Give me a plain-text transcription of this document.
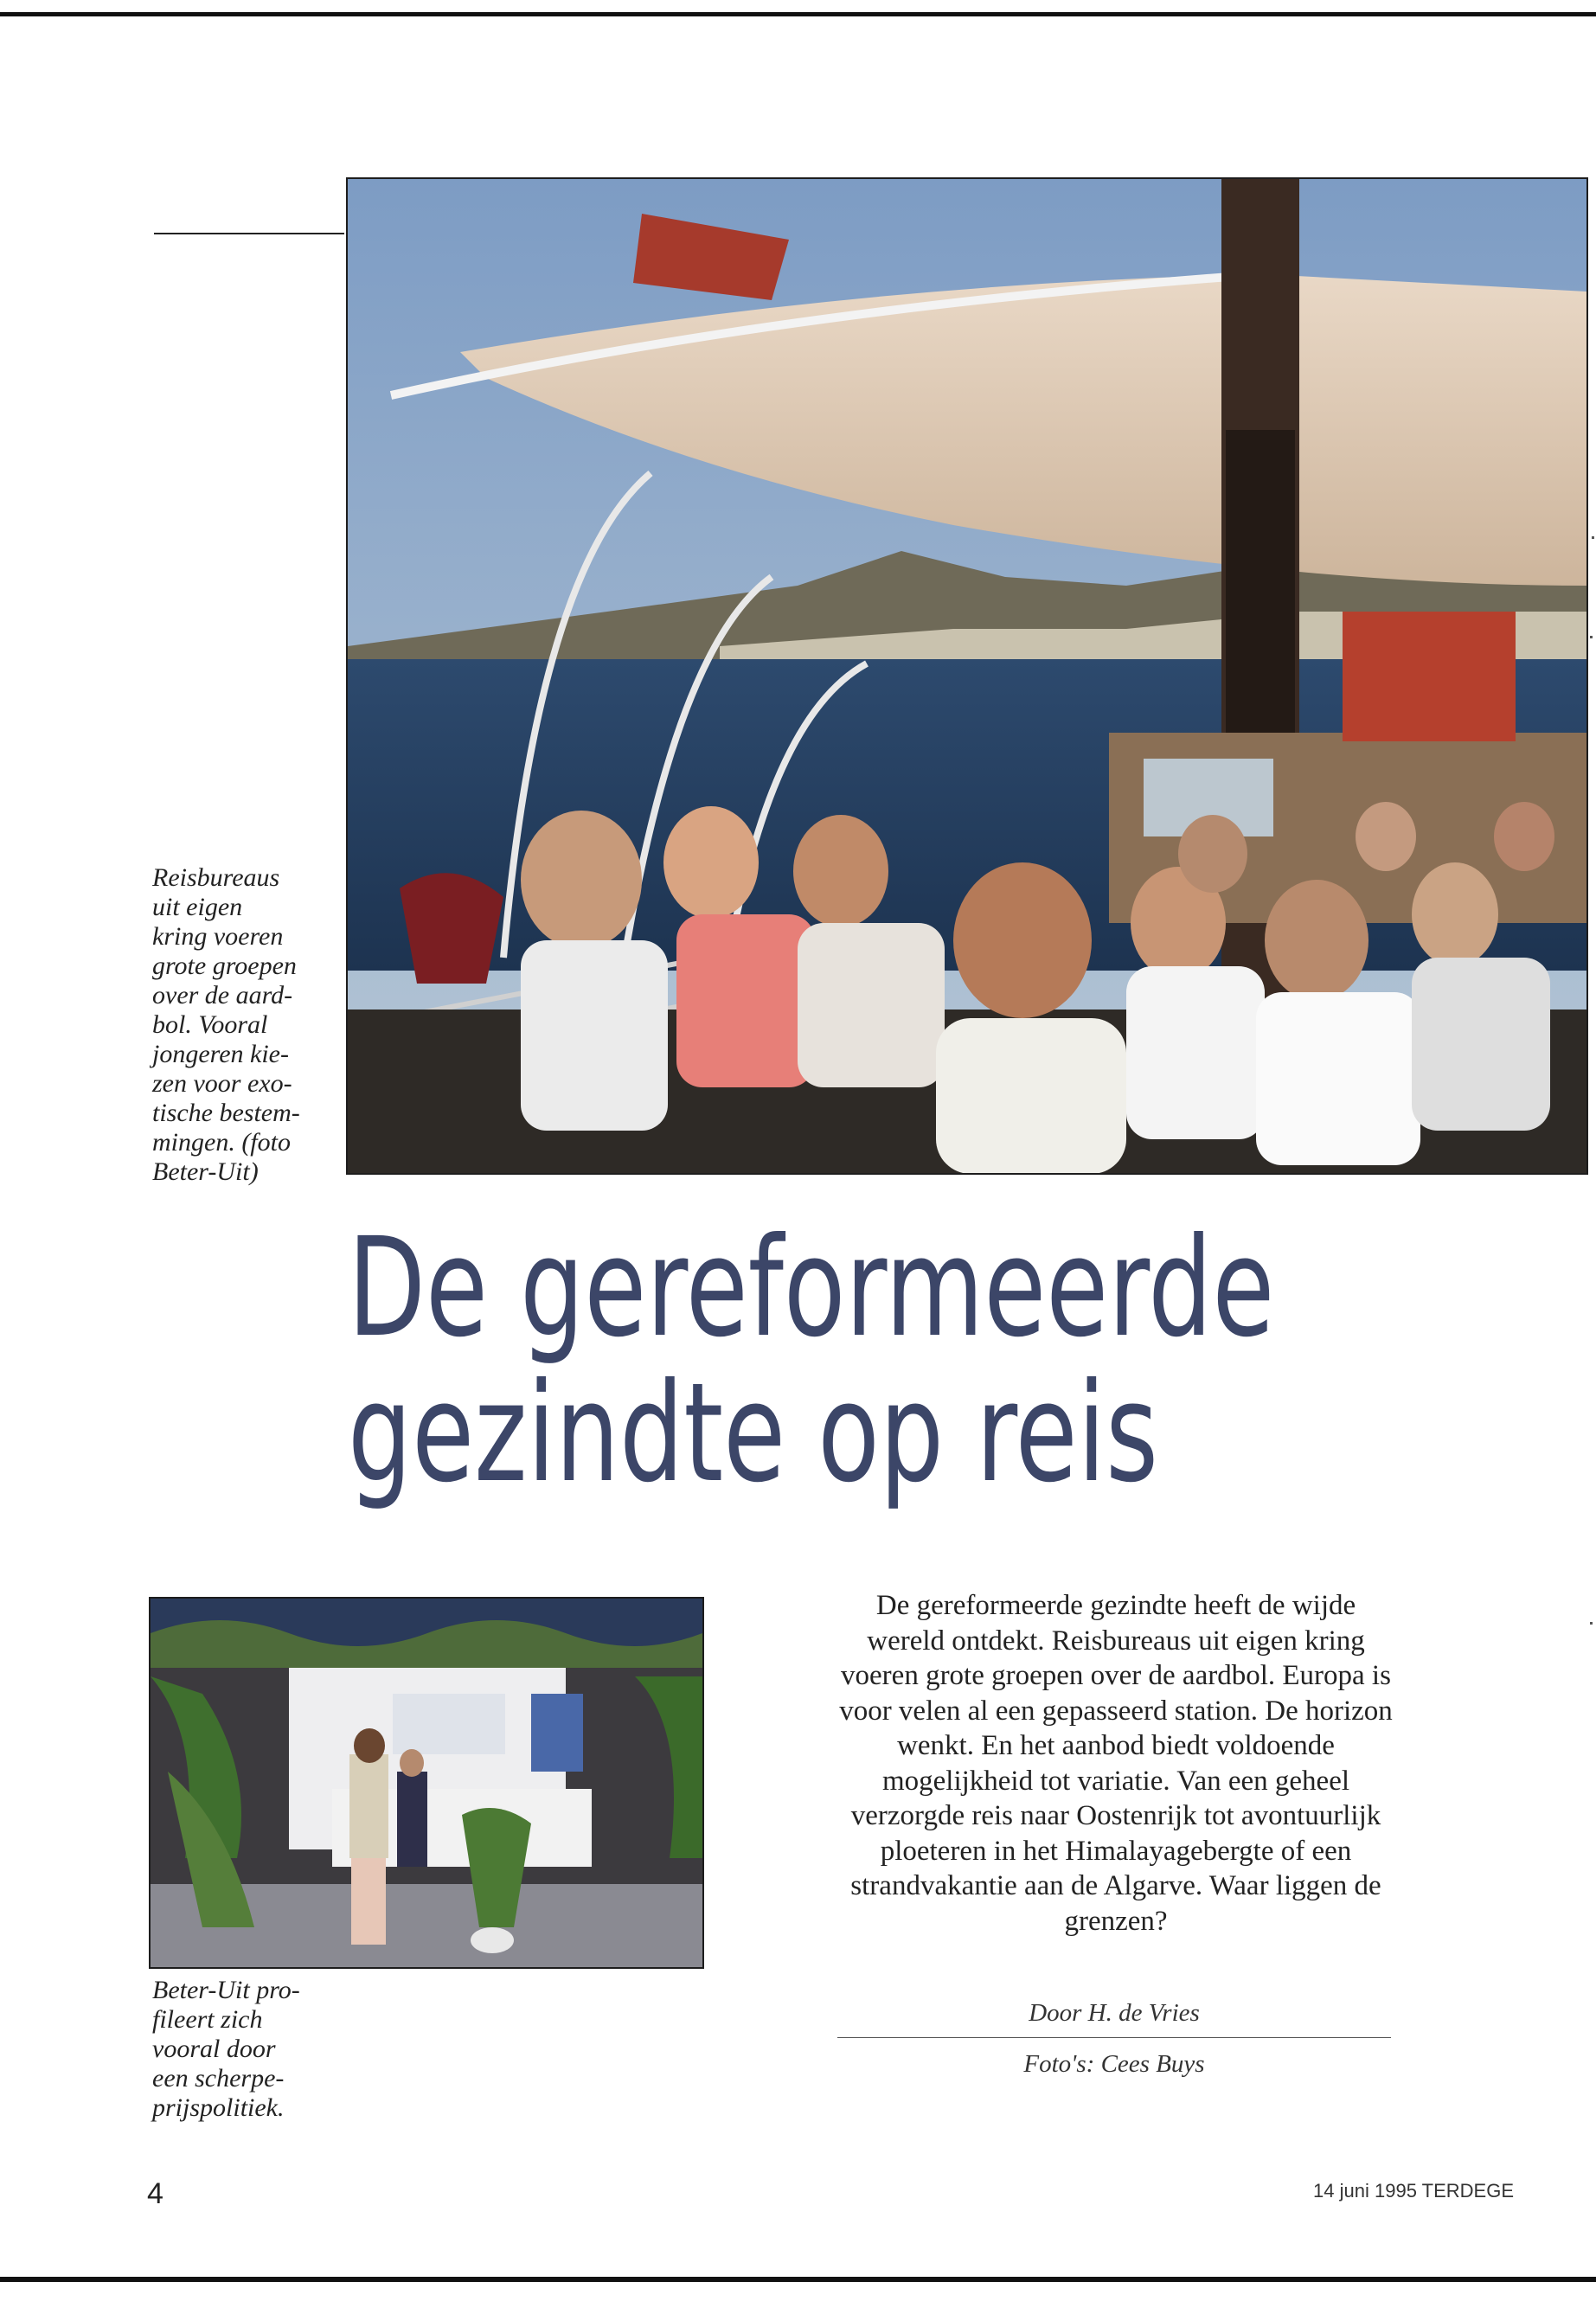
Reisbureaus
uit eigen
kring voeren
grote groepen
over de aard-
bol. Vooral
jongeren kie-
zen voor exo-
tische bestem-
mingen. (foto
Beter-Uit)
De gereformeerde
gezindte op reis
Beter-Uit pro-
fileert zich
vooral door
een scherpe-
prijspolitiek.
De gereformeerde gezindte heeft de wijde wereld ontdekt. Reisbureaus uit eigen kring voeren grote groepen over de aardbol. Europa is voor velen al een gepasseerd station. De horizon wenkt. En het aanbod biedt voldoende mogelijkheid tot variatie. Van een geheel verzorgde reis naar Oostenrijk tot avontuurlijk ploeteren in het Himalayagebergte of een strandvakantie aan de Algarve. Waar liggen de grenzen?
Door H. de Vries
Foto's: Cees Buys
4	14 juni 1995 TERDEGE
